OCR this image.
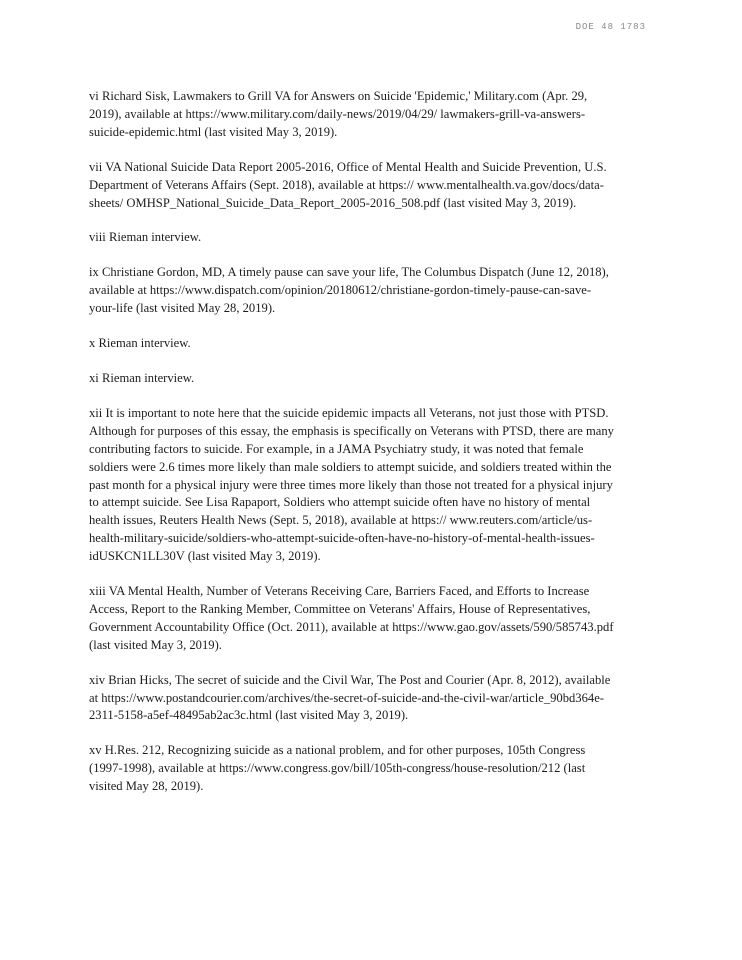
DOE 48 1783

vi Richard Sisk, Lawmakers to Grill VA for Answers on Suicide 'Epidemic,' Military.com (Apr. 29, 2019), available at https://www.military.com/daily-news/2019/04/29/ lawmakers-grill-va-answers-suicide-epidemic.html (last visited May 3, 2019).

vii VA National Suicide Data Report 2005-2016, Office of Mental Health and Suicide Prevention, U.S. Department of Veterans Affairs (Sept. 2018), available at https:// www.mentalhealth.va.gov/docs/data-sheets/ OMHSP_National_Suicide_Data_Report_2005-2016_508.pdf (last visited May 3, 2019).

viii Rieman interview.

ix Christiane Gordon, MD, A timely pause can save your life, The Columbus Dispatch (June 12, 2018), available at https://www.dispatch.com/opinion/20180612/christiane-gordon-timely-pause-can-save-your-life (last visited May 28, 2019).

x Rieman interview.

xi Rieman interview.

xii It is important to note here that the suicide epidemic impacts all Veterans, not just those with PTSD. Although for purposes of this essay, the emphasis is specifically on Veterans with PTSD, there are many contributing factors to suicide. For example, in a JAMA Psychiatry study, it was noted that female soldiers were 2.6 times more likely than male soldiers to attempt suicide, and soldiers treated within the past month for a physical injury were three times more likely than those not treated for a physical injury to attempt suicide. See Lisa Rapaport, Soldiers who attempt suicide often have no history of mental health issues, Reuters Health News (Sept. 5, 2018), available at https:// www.reuters.com/article/us-health-military-suicide/soldiers-who-attempt-suicide-often-have-no-history-of-mental-health-issues-idUSKCN1LL30V (last visited May 3, 2019).

xiii VA Mental Health, Number of Veterans Receiving Care, Barriers Faced, and Efforts to Increase Access, Report to the Ranking Member, Committee on Veterans' Affairs, House of Representatives, Government Accountability Office (Oct. 2011), available at https://www.gao.gov/assets/590/585743.pdf (last visited May 3, 2019).

xiv Brian Hicks, The secret of suicide and the Civil War, The Post and Courier (Apr. 8, 2012), available at https://www.postandcourier.com/archives/the-secret-of-suicide-and-the-civil-war/article_90bd364e-2311-5158-a5ef-48495ab2ac3c.html (last visited May 3, 2019).

xv H.Res. 212, Recognizing suicide as a national problem, and for other purposes, 105th Congress (1997-1998), available at https://www.congress.gov/bill/105th-congress/house-resolution/212 (last visited May 28, 2019).
